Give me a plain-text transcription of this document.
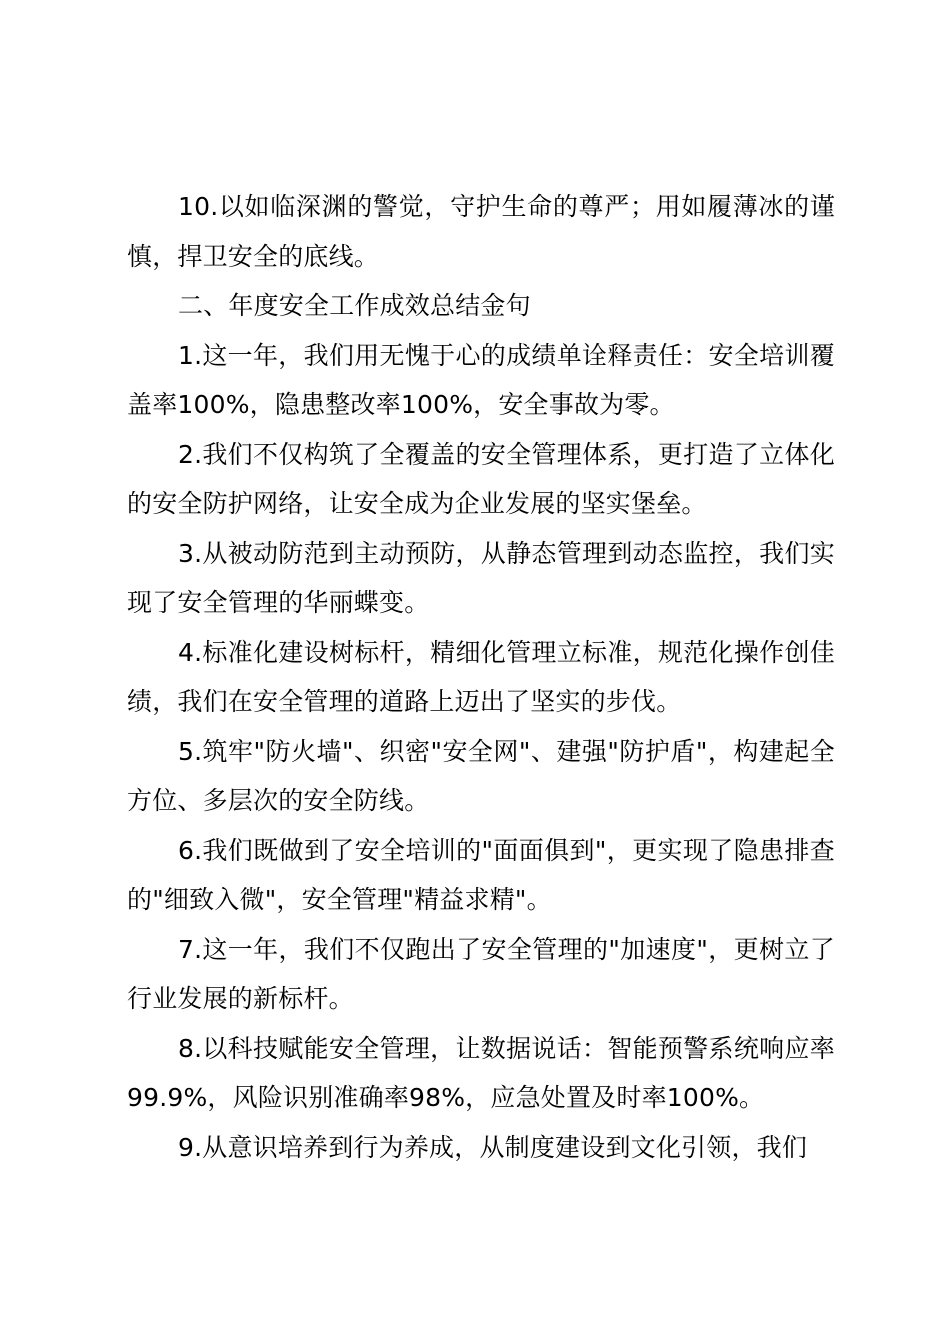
10.以如临深渊的警觉，守护生命的尊严；用如履薄冰的谨慎，捍卫安全的底线。

二、年度安全工作成效总结金句

1.这一年，我们用无愧于心的成绩单诠释责任：安全培训覆盖率100%，隐患整改率100%，安全事故为零。

2.我们不仅构筑了全覆盖的安全管理体系，更打造了立体化的安全防护网络，让安全成为企业发展的坚实堡垒。

3.从被动防范到主动预防，从静态管理到动态监控，我们实现了安全管理的华丽蝶变。

4.标准化建设树标杆，精细化管理立标准，规范化操作创佳绩，我们在安全管理的道路上迈出了坚实的步伐。

5.筑牢"防火墙"、织密"安全网"、建强"防护盾"，构建起全方位、多层次的安全防线。

6.我们既做到了安全培训的"面面俱到"，更实现了隐患排查的"细致入微"，安全管理"精益求精"。

7.这一年，我们不仅跑出了安全管理的"加速度"，更树立了行业发展的新标杆。

8.以科技赋能安全管理，让数据说话：智能预警系统响应率99.9%，风险识别准确率98%，应急处置及时率100%。

9.从意识培养到行为养成，从制度建设到文化引领，我们
